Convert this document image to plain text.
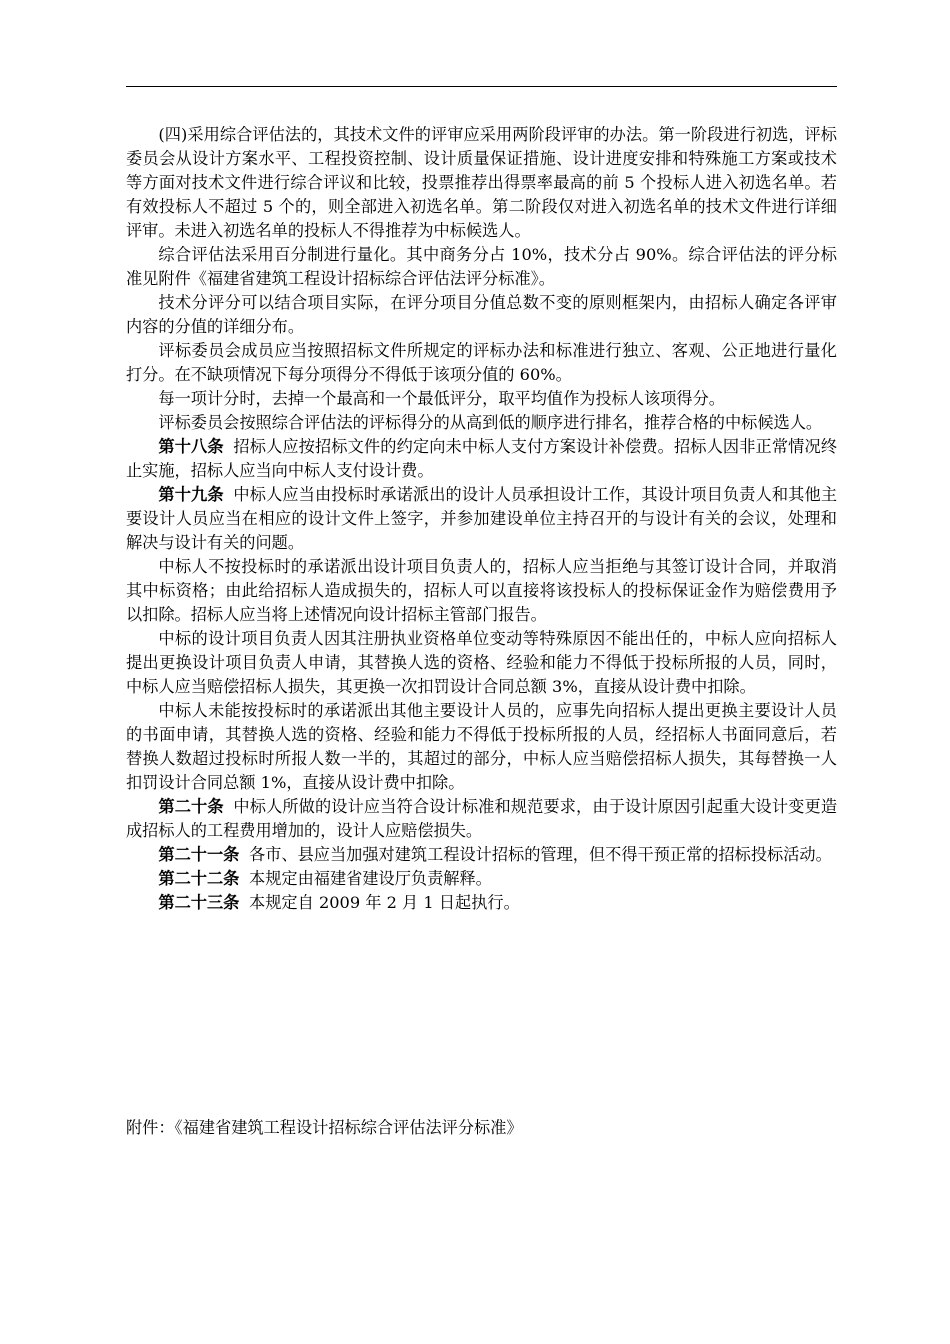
(四)采用综合评估法的，其技术文件的评审应采用两阶段评审的办法。第一阶段进行初选，评标委员会从设计方案水平、工程投资控制、设计质量保证措施、设计进度安排和特殊施工方案或技术等方面对技术文件进行综合评议和比较，投票推荐出得票率最高的前 5 个投标人进入初选名单。若有效投标人不超过 5 个的，则全部进入初选名单。第二阶段仅对进入初选名单的技术文件进行详细评审。未进入初选名单的投标人不得推荐为中标候选人。

综合评估法采用百分制进行量化。其中商务分占 10%，技术分占 90%。综合评估法的评分标准见附件《福建省建筑工程设计招标综合评估法评分标准》。

技术分评分可以结合项目实际，在评分项目分值总数不变的原则框架内，由招标人确定各评审内容的分值的详细分布。

评标委员会成员应当按照招标文件所规定的评标办法和标准进行独立、客观、公正地进行量化打分。在不缺项情况下每分项得分不得低于该项分值的 60%。

每一项计分时，去掉一个最高和一个最低评分，取平均值作为投标人该项得分。

评标委员会按照综合评估法的评标得分的从高到低的顺序进行排名，推荐合格的中标候选人。

第十八条 招标人应按招标文件的约定向未中标人支付方案设计补偿费。招标人因非正常情况终止实施，招标人应当向中标人支付设计费。

第十九条 中标人应当由投标时承诺派出的设计人员承担设计工作，其设计项目负责人和其他主要设计人员应当在相应的设计文件上签字，并参加建设单位主持召开的与设计有关的会议，处理和解决与设计有关的问题。

中标人不按投标时的承诺派出设计项目负责人的，招标人应当拒绝与其签订设计合同，并取消其中标资格；由此给招标人造成损失的，招标人可以直接将该投标人的投标保证金作为赔偿费用予以扣除。招标人应当将上述情况向设计招标主管部门报告。

中标的设计项目负责人因其注册执业资格单位变动等特殊原因不能出任的，中标人应向招标人提出更换设计项目负责人申请，其替换人选的资格、经验和能力不得低于投标所报的人员，同时，中标人应当赔偿招标人损失，其更换一次扣罚设计合同总额 3%，直接从设计费中扣除。

中标人未能按投标时的承诺派出其他主要设计人员的，应事先向招标人提出更换主要设计人员的书面申请，其替换人选的资格、经验和能力不得低于投标所报的人员，经招标人书面同意后，若替换人数超过投标时所报人数一半的，其超过的部分，中标人应当赔偿招标人损失，其每替换一人扣罚设计合同总额 1%，直接从设计费中扣除。

第二十条 中标人所做的设计应当符合设计标准和规范要求，由于设计原因引起重大设计变更造成招标人的工程费用增加的，设计人应赔偿损失。

第二十一条 各市、县应当加强对建筑工程设计招标的管理，但不得干预正常的招标投标活动。

第二十二条 本规定由福建省建设厅负责解释。

第二十三条 本规定自 2009 年 2 月 1 日起执行。

附件：《福建省建筑工程设计招标综合评估法评分标准》
